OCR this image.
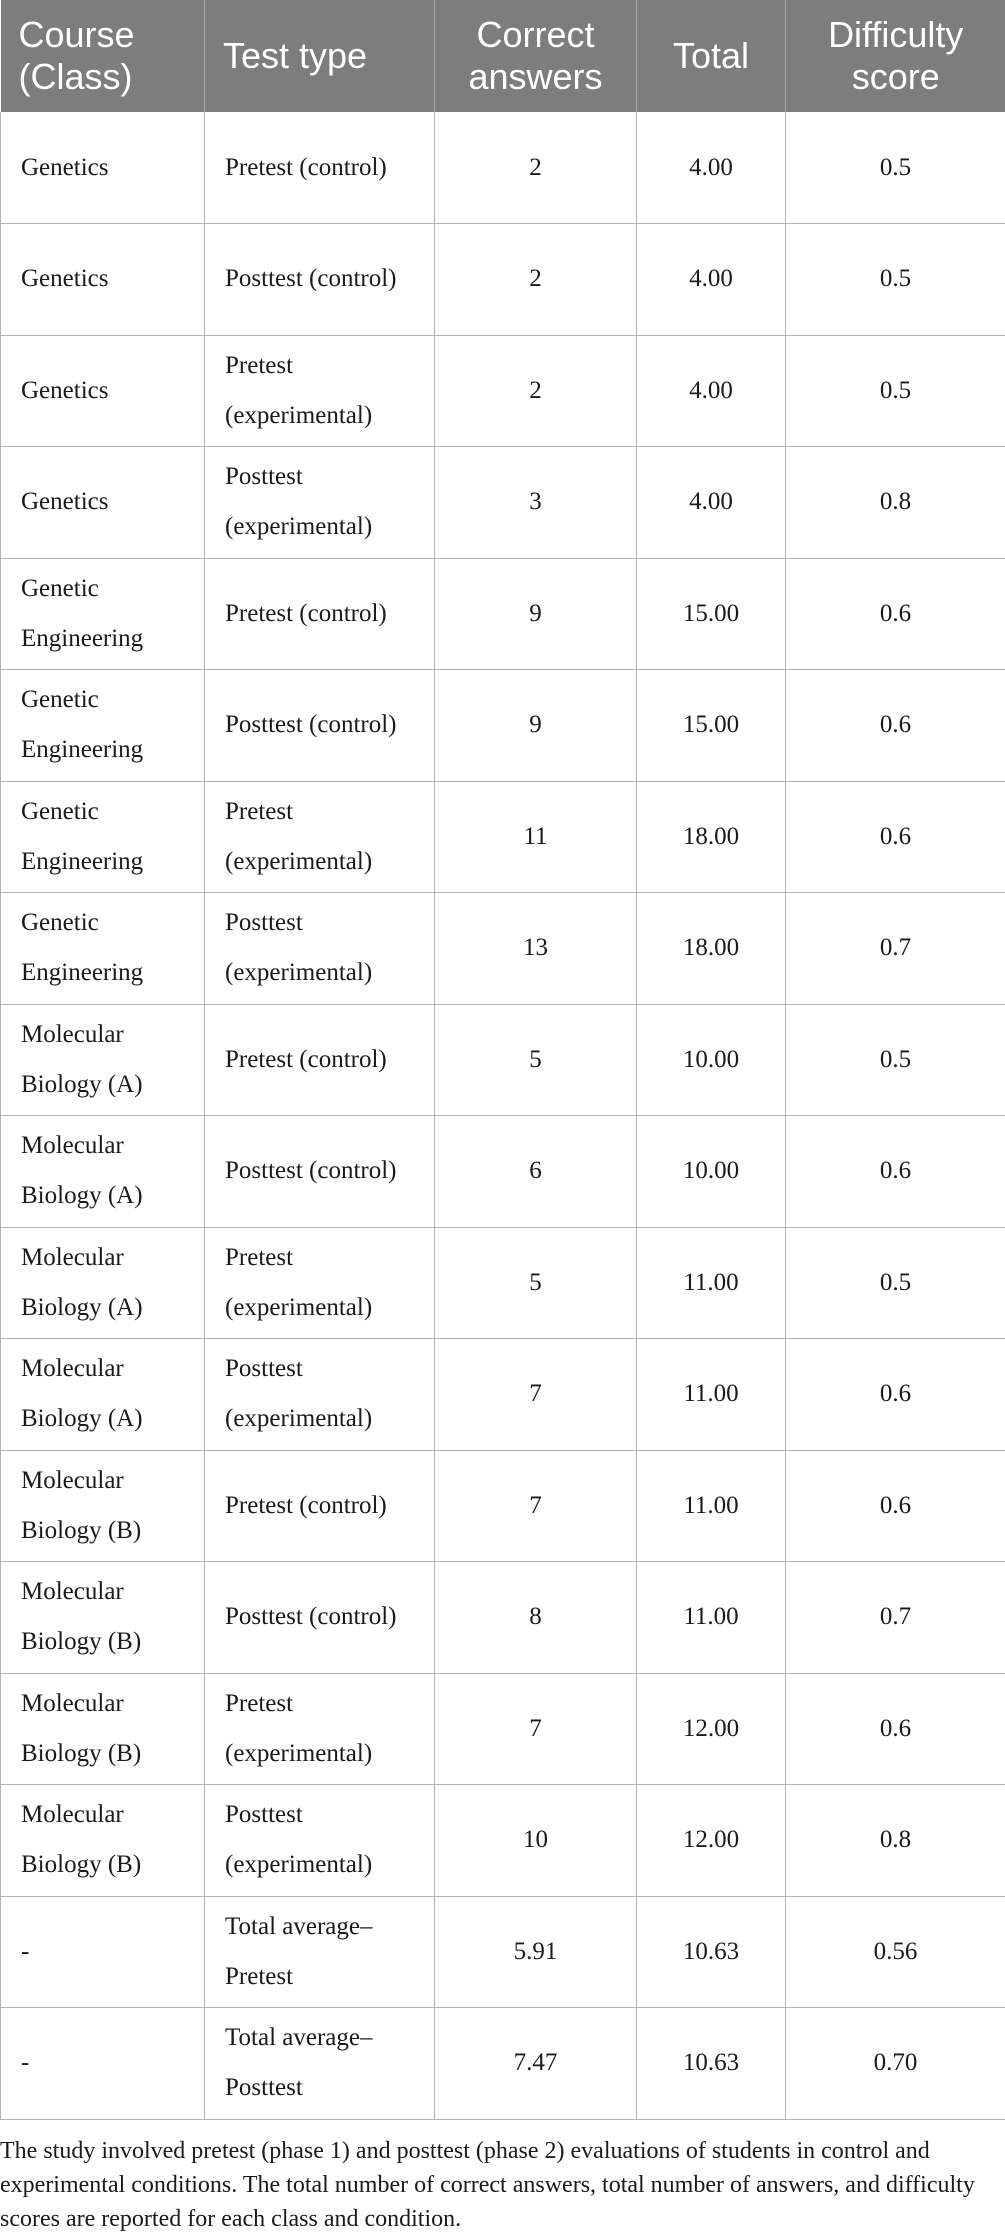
Course (Class)	Test type	Correct answers	Total	Difficulty score
Genetics	Pretest (control)	2	4.00	0.5
Genetics	Posttest (control)	2	4.00	0.5
Genetics	Pretest (experimental)	2	4.00	0.5
Genetics	Posttest (experimental)	3	4.00	0.8
Genetic Engineering	Pretest (control)	9	15.00	0.6
Genetic Engineering	Posttest (control)	9	15.00	0.6
Genetic Engineering	Pretest (experimental)	11	18.00	0.6
Genetic Engineering	Posttest (experimental)	13	18.00	0.7
Molecular Biology (A)	Pretest (control)	5	10.00	0.5
Molecular Biology (A)	Posttest (control)	6	10.00	0.6
Molecular Biology (A)	Pretest (experimental)	5	11.00	0.5
Molecular Biology (A)	Posttest (experimental)	7	11.00	0.6
Molecular Biology (B)	Pretest (control)	7	11.00	0.6
Molecular Biology (B)	Posttest (control)	8	11.00	0.7
Molecular Biology (B)	Pretest (experimental)	7	12.00	0.6
Molecular Biology (B)	Posttest (experimental)	10	12.00	0.8
-	Total average–Pretest	5.91	10.63	0.56
-	Total average–Posttest	7.47	10.63	0.70
The study involved pretest (phase 1) and posttest (phase 2) evaluations of students in control and experimental conditions. The total number of correct answers, total number of answers, and difficulty scores are reported for each class and condition.
